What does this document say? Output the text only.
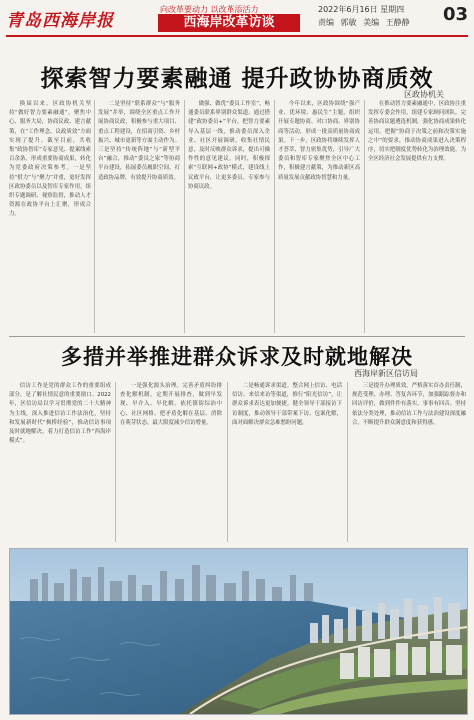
青岛西海岸报
向改革要动力 以改革添活力
西海岸改革访谈
2022年6月16日 星期四
责编 郭敏 美编 王静静 03
探索智力要素融通 提升政协协商质效
区政协机关

换届以来，区政协机关坚持“做好智力要素融通”，聚焦中心、服务大局，协商议政、建言献策，在“工作理念、议政质效”方面实现了提升。截至目前，共收集“政协智库”专家意见、提案线索百余条，形成重要协商成果，转化为党委政府决策参考。一是坚持“借力”与“聚力”并重，更好发挥区政协委员以及智库专家作用，组织专题调研、视察监督，推动人才资源在政协平台上汇聚，形成合力。

二是坚持“联系群众”与“服务发展”并举，围绕全区重点工作开展协商议政，积极参与重大项目、重点工程建设，在招商引资、乡村振兴、城市更新等方面主动作为。三是坚持“传统阵地”与“新型平台”融合，推动“委员之家”等协商平台建设，拓展委员履职空间，打造政协品牌，有效提升协商质效。

做强、做优“委员工作室”，畅通委员联系界别群众渠道。通过搭建“政协委员+”平台，把智力要素导入基层一线，推动委员深入企业、社区开展调研，收集社情民意，及时反映群众诉求，提出可操作性的意见建议。同时，积极探索“互联网+政协”模式，建设线上议政平台，让更多委员、专家参与协商议政。

今年以来，区政协围绕“强产业、优环境、惠民生”主题，组织开展专题协商、对口协商、界别协商等活动，形成一批高质量协商成果。下一步，区政协将继续发挥人才荟萃、智力密集优势，引导广大委员和智库专家聚焦全区中心工作，积极建言献策，为推动新区高质量发展贡献政协智慧和力量。

在推动智力要素融通中，区政协注重发挥专委会作用，组建专家顾问团队，完善协商议题遴选机制，强化协商成果转化运用。把握“协商于决策之前和决策实施之中”的要求，推动协商成果进入决策程序，切实把制度优势转化为治理效能，为全区经济社会发展提供有力支撑。

多措并举推进群众诉求及时就地解决
西海岸新区信访局

信访工作是党的群众工作的重要组成部分，是了解社情民意的重要窗口。2022年，区信访局以学习贯彻党的二十大精神为主线，深入推进信访工作法治化，坚持和发展新时代“枫桥经验”，推动信访事项及时就地解决，着力打造信访工作“西海岸模式”。

一是强化源头治理。完善矛盾纠纷排查化解机制，定期开展排查，做到早发现、早介入、早化解。依托镇街综治中心、社区网格，把矛盾化解在基层、消除在萌芽状态，最大限度减少信访增量。

二是畅通诉求渠道。整合网上信访、电话信访、来信来访等渠道，推行“阳光信访”，让群众诉求表达更加便捷。健全领导干部接访下访制度，推动领导干部带案下访、包案化解，面对面解决群众急难愁盼问题。

三是提升办理质效。严格落实首办责任制，规范受理、办理、答复各环节，加强跟踪督办和回访评价，做到件件有落实、事事有回音。坚持依法分类处理，推动信访工作与法治建设深度融合，不断提升群众满意度和获得感。
